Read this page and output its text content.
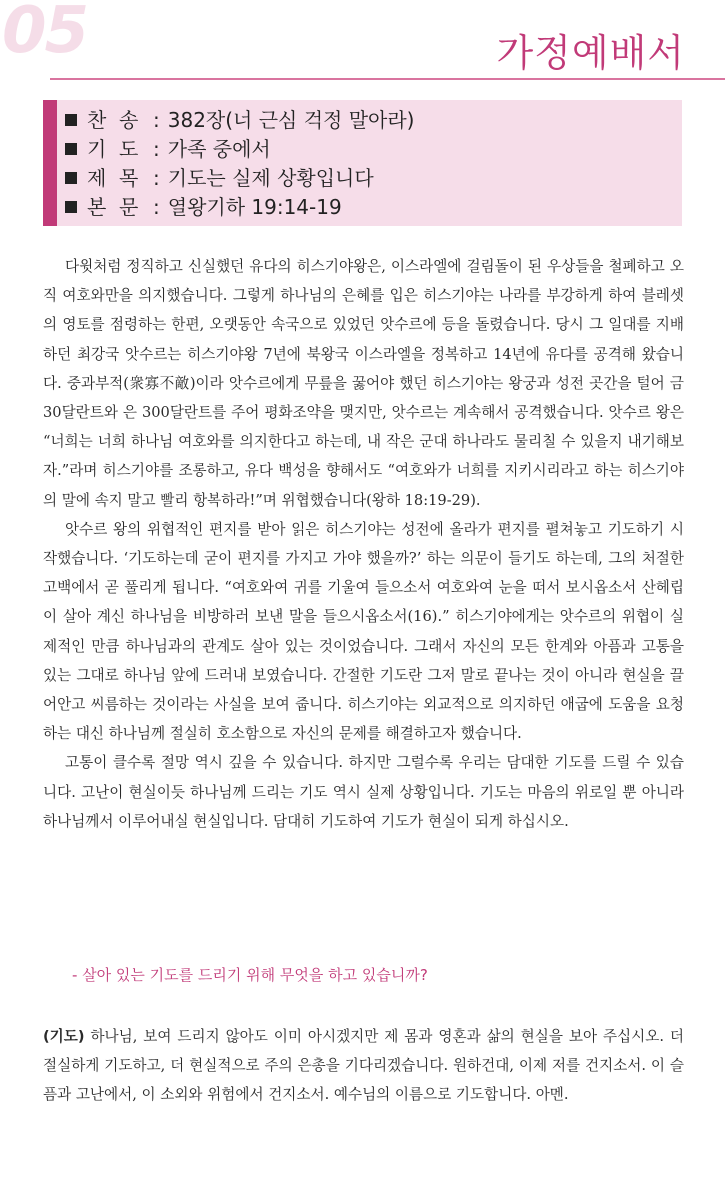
05	가정예배서
찬  송 : 382장(너 근심 걱정 말아라)
기  도 : 가족 중에서
제  목 : 기도는 실제 상황입니다
본  문 : 열왕기하 19:14-19

다윗처럼 정직하고 신실했던 유다의 히스기야왕은, 이스라엘에 걸림돌이 된 우상들을 철폐하고 오직 여호와만을 의지했습니다. 그렇게 하나님의 은혜를 입은 히스기야는 나라를 부강하게 하여 블레셋의 영토를 점령하는 한편, 오랫동안 속국으로 있었던 앗수르에 등을 돌렸습니다. 당시 그 일대를 지배하던 최강국 앗수르는 히스기야왕 7년에 북왕국 이스라엘을 정복하고 14년에 유다를 공격해 왔습니다. 중과부적(衆寡不敵)이라 앗수르에게 무릎을 꿇어야 했던 히스기야는 왕궁과 성전 곳간을 털어 금 30달란트와 은 300달란트를 주어 평화조약을 맺지만, 앗수르는 계속해서 공격했습니다. 앗수르 왕은 “너희는 너희 하나님 여호와를 의지한다고 하는데, 내 작은 군대 하나라도 물리칠 수 있을지 내기해보자.”라며 히스기야를 조롱하고, 유다 백성을 향해서도 “여호와가 너희를 지키시리라고 하는 히스기야의 말에 속지 말고 빨리 항복하라!”며 위협했습니다(왕하 18:19-29).

앗수르 왕의 위협적인 편지를 받아 읽은 히스기야는 성전에 올라가 편지를 펼쳐놓고 기도하기 시작했습니다. ‘기도하는데 굳이 편지를 가지고 가야 했을까?’ 하는 의문이 들기도 하는데, 그의 처절한 고백에서 곧 풀리게 됩니다. “여호와여 귀를 기울여 들으소서 여호와여 눈을 떠서 보시옵소서 산헤립이 살아 계신 하나님을 비방하러 보낸 말을 들으시옵소서(16).” 히스기야에게는 앗수르의 위협이 실제적인 만큼 하나님과의 관계도 살아 있는 것이었습니다. 그래서 자신의 모든 한계와 아픔과 고통을 있는 그대로 하나님 앞에 드러내 보였습니다. 간절한 기도란 그저 말로 끝나는 것이 아니라 현실을 끌어안고 씨름하는 것이라는 사실을 보여 줍니다. 히스기야는 외교적으로 의지하던 애굽에 도움을 요청하는 대신 하나님께 절실히 호소함으로 자신의 문제를 해결하고자 했습니다.

고통이 클수록 절망 역시 깊을 수 있습니다. 하지만 그럴수록 우리는 담대한 기도를 드릴 수 있습니다. 고난이 현실이듯 하나님께 드리는 기도 역시 실제 상황입니다. 기도는 마음의 위로일 뿐 아니라 하나님께서 이루어내실 현실입니다. 담대히 기도하여 기도가 현실이 되게 하십시오.

- 살아 있는 기도를 드리기 위해 무엇을 하고 있습니까?
(기도) 하나님, 보여 드리지 않아도 이미 아시겠지만 제 몸과 영혼과 삶의 현실을 보아 주십시오. 더 절실하게 기도하고, 더 현실적으로 주의 은총을 기다리겠습니다. 원하건대, 이제 저를 건지소서. 이 슬픔과 고난에서, 이 소외와 위험에서 건지소서. 예수님의 이름으로 기도합니다. 아멘.
